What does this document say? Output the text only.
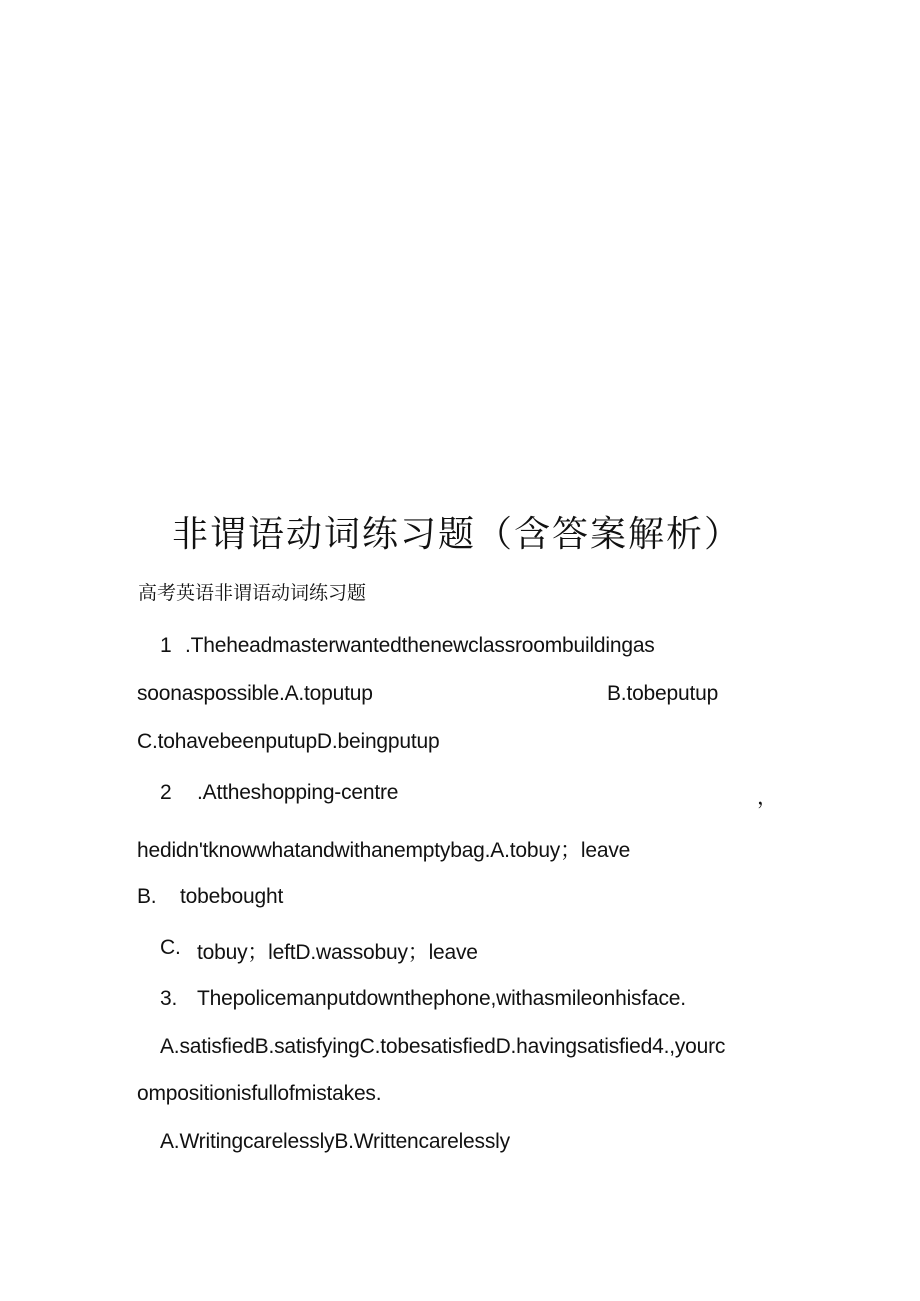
非谓语动词练习题（含答案解析）
高考英语非谓语动词练习题
1 .Theheadmasterwantedthenewclassroombuildingas
soonaspossible.A.toputup	B.tobeputup
C.tohavebeenputupD.beingputup
2 .Attheshopping-centre	，
hedidn'tknowwhatandwithanemptybag.A.tobuy；leave
B. tobebought
C. tobuy；leftD.wassobuy；leave
3. Thepolicemanputdownthephone,withasmileonhisface.
A.satisfiedB.satisfyingC.tobesatisfiedD.havingsatisfied4.,yourc
ompositionisfullofmistakes.
A.WritingcarelesslyB.Writtencarelessly
